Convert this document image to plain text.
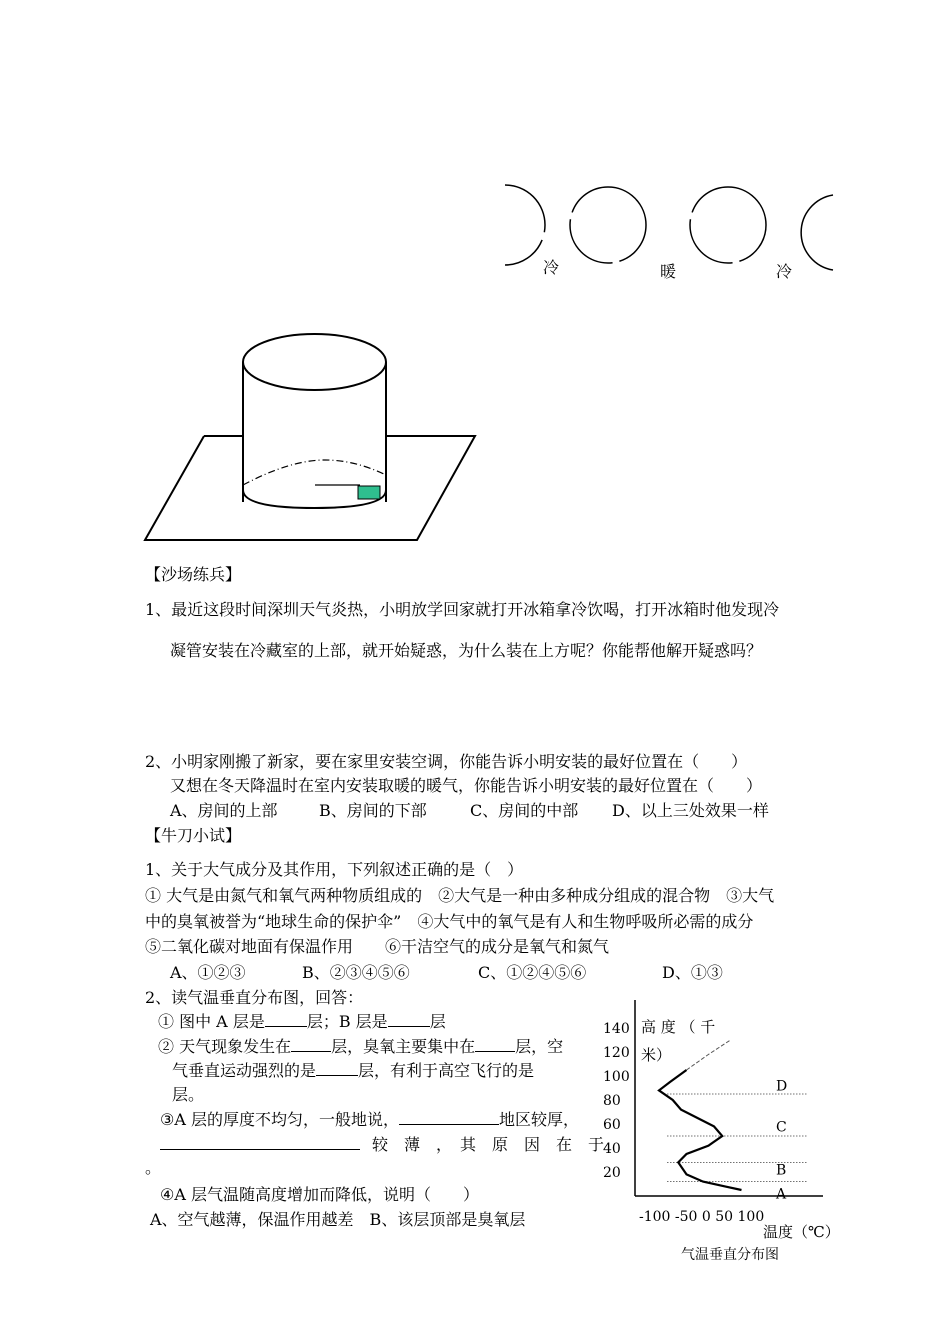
冷	暖	冷
【沙场练兵】
1、最近这段时间深圳天气炎热，小明放学回家就打开冰箱拿冷饮喝，打开冰箱时他发现冷
凝管安装在冷藏室的上部，就开始疑惑，为什么装在上方呢？你能帮他解开疑惑吗？
2、小明家刚搬了新家，要在家里安装空调，你能告诉小明安装的最好位置在（　　）
又想在冬天降温时在室内安装取暖的暖气，你能告诉小明安装的最好位置在（　　）
A、房间的上部	B、房间的下部	C、房间的中部 D、以上三处效果一样
【牛刀小试】
1、关于大气成分及其作用，下列叙述正确的是（　）
① 大气是由氮气和氧气两种物质组成的　②大气是一种由多种成分组成的混合物　③大气
中的臭氧被誉为“地球生命的保护伞”　④大气中的氧气是有人和生物呼吸所必需的成分
⑤二氧化碳对地面有保温作用　　⑥干洁空气的成分是氧气和氮气
A、①②③	B、②③④⑤⑥	C、①②④⑤⑥	D、①③
2、读气温垂直分布图，回答：
① 图中 A 层是	层；B 层是	层
② 天气现象发生在	层，臭氧主要集中在	层，空
气垂直运动强烈的是	层，有利于高空飞行的是
层。
③A 层的厚度不均匀，一般地说，	地区较厚，
较　薄　，　其　原　因　在　于
。
④A 层气温随高度增加而降低，说明（　　）
A、空气越薄，保温作用越差　B、该层顶部是臭氧层
140
120
100
80
60
40
20
D
C
B
A
高 度 （ 千
米）
-100 -50 0 50 100
温度（℃）
气温垂直分布图
